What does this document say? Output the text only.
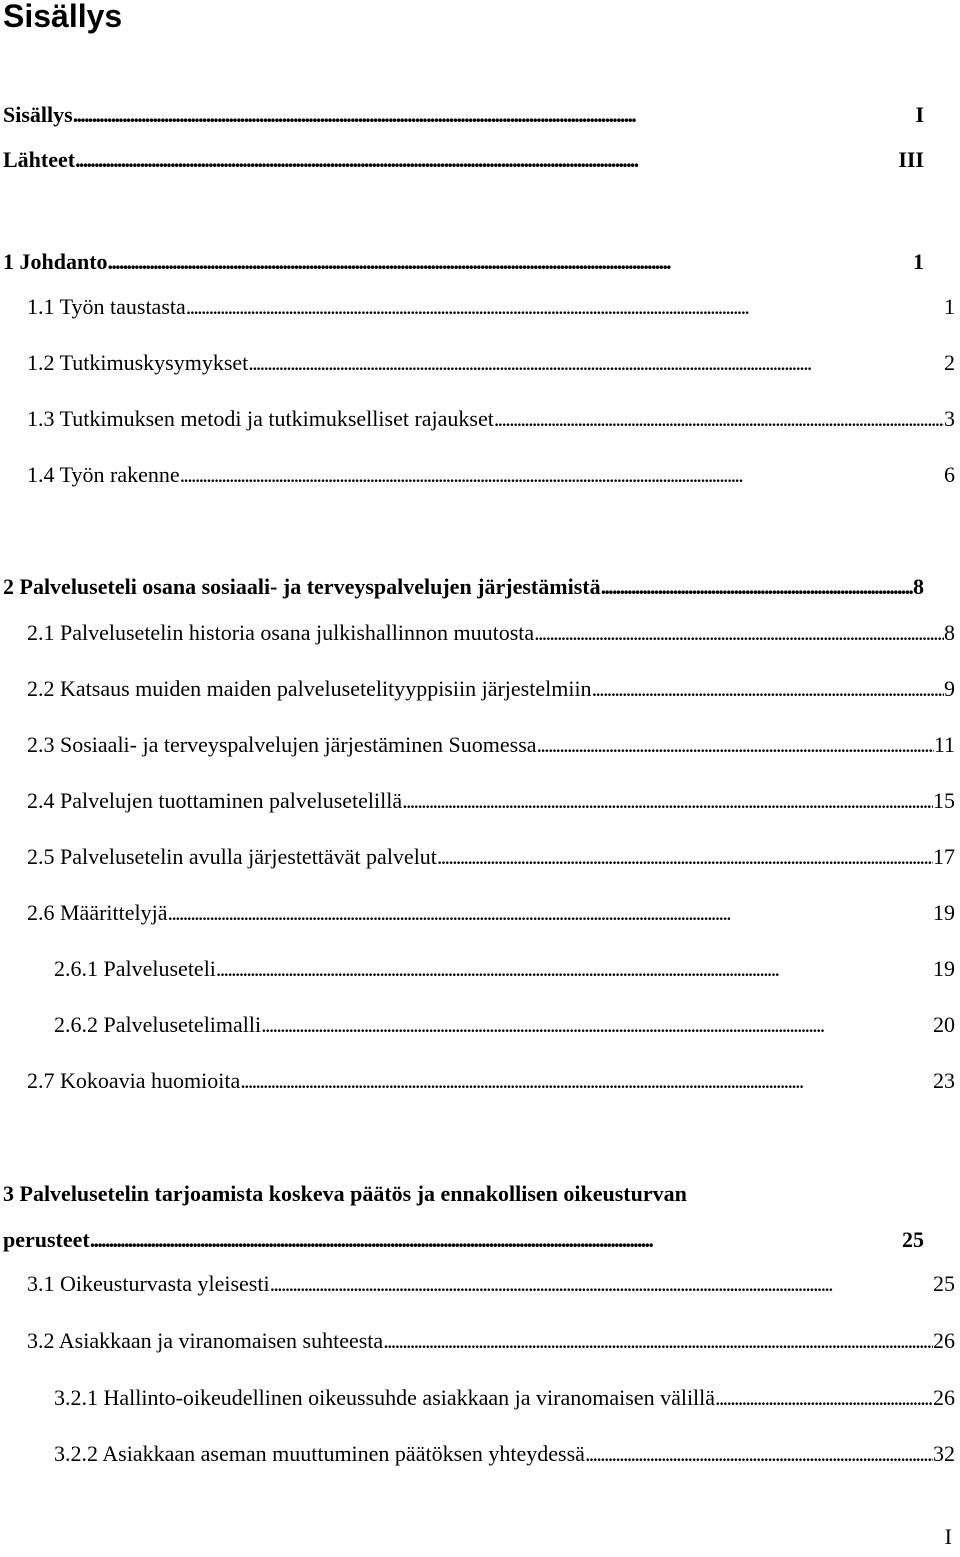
Sisällys
Sisällys . . .	I
Lähteet . . .	III
1 Johdanto . . .	1
1.1 Työn taustasta . . .	1
1.2 Tutkimuskysymykset . . .	2
1.3 Tutkimuksen metodi ja tutkimukselliset rajaukset . . .	3
1.4 Työn rakenne . . .	6
2 Palveluseteli osana sosiaali- ja terveyspalvelujen järjestämistä . . .	8
2.1 Palvelusetelin historia osana julkishallinnon muutosta . . .	8
2.2 Katsaus muiden maiden palvelusetelityyppisiin järjestelmiin . . .	9
2.3 Sosiaali- ja terveyspalvelujen järjestäminen Suomessa . . .	11
2.4 Palvelujen tuottaminen palvelusetelillä . . .	15
2.5 Palvelusetelin avulla järjestettävät palvelut . . .	17
2.6 Määrittelyjä . . .	19
2.6.1 Palveluseteli . . .	19
2.6.2 Palvelusetelimalli . . .	20
2.7 Kokoavia huomioita . . .	23
3 Palvelusetelin tarjoamista koskeva päätös ja ennakollisen oikeusturvan
perusteet . . .	25
3.1 Oikeusturvasta yleisesti . . .	25
3.2 Asiakkaan ja viranomaisen suhteesta . . .	26
3.2.1 Hallinto-oikeudellinen oikeussuhde asiakkaan ja viranomaisen välillä . . .	26
3.2.2 Asiakkaan aseman muuttuminen päätöksen yhteydessä . . .	32
I
